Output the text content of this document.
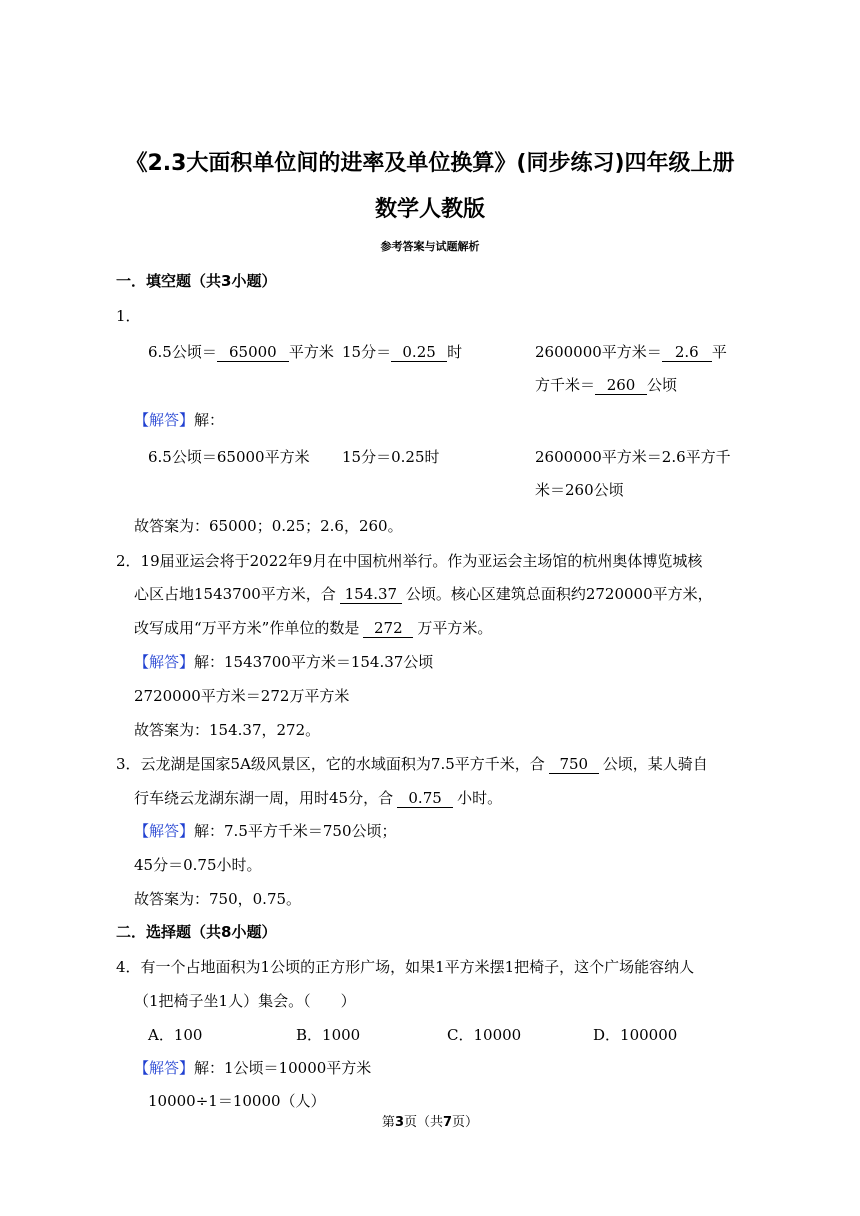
《2.3大面积单位间的进率及单位换算》(同步练习)四年级上册
数学人教版
参考答案与试题解析
一．填空题（共3小题）
1．
6.5公顷＝ 65000 平方米 15分＝ 0.25 时	2600000平方米＝ 2.6 平
方千米＝ 260 公顷
【解答】解：
6.5公顷＝65000平方米 15分＝0.25时	2600000平方米＝2.6平方千
米＝260公顷
故答案为：65000；0.25；2.6，260。
2．19届亚运会将于2022年9月在中国杭州举行。作为亚运会主场馆的杭州奥体博览城核
心区占地1543700平方米，合 154.37 公顷。核心区建筑总面积约2720000平方米，
改写成用“万平方米”作单位的数是 272 万平方米。
【解答】解：1543700平方米＝154.37公顷
2720000平方米＝272万平方米
故答案为：154.37，272。
3．云龙湖是国家5A级风景区，它的水域面积为7.5平方千米，合 750 公顷，某人骑自
行车绕云龙湖东湖一周，用时45分，合 0.75 小时。
【解答】解：7.5平方千米＝750公顷；
45分＝0.75小时。
故答案为：750，0.75。
二．选择题（共8小题）
4．有一个占地面积为1公顷的正方形广场，如果1平方米摆1把椅子，这个广场能容纳人
（1把椅子坐1人）集会。（　　）
A．100	B．1000	C．10000	D．100000
【解答】解：1公顷＝10000平方米
10000÷1＝10000（人）
第3页（共7页）
